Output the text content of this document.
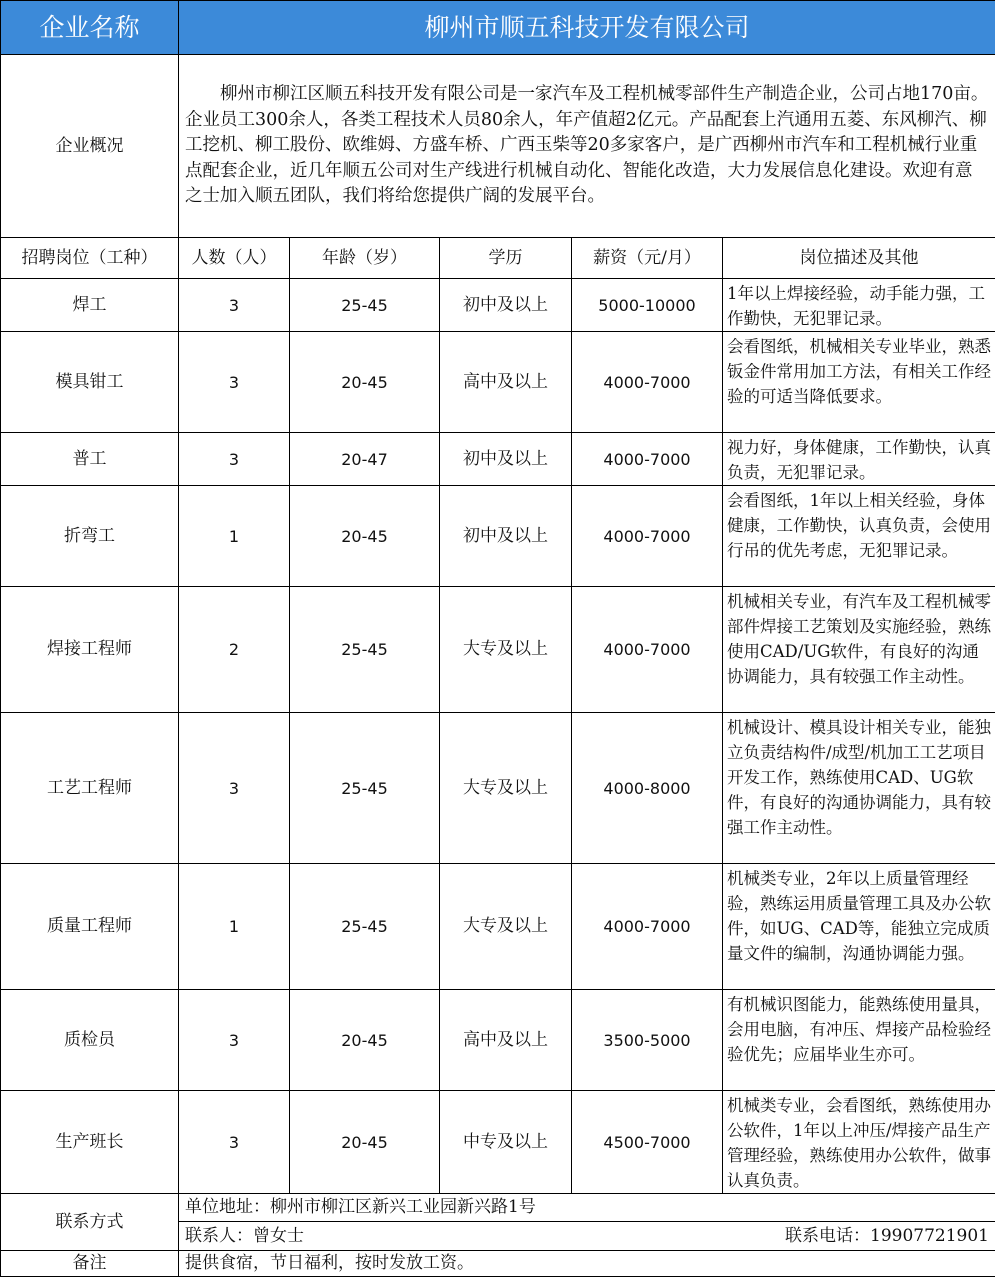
企业名称	柳州市顺五科技开发有限公司				
企业概况	柳州市柳江区顺五科技开发有限公司是一家汽车及工程机械零部件生产制造企业，公司占地170亩。企业员工300余人，各类工程技术人员80余人，年产值超2亿元。产品配套上汽通用五菱、东风柳汽、柳工挖机、柳工股份、欧维姆、方盛车桥、广西玉柴等20多家客户，是广西柳州市汽车和工程机械行业重点配套企业，近几年顺五公司对生产线进行机械自动化、智能化改造，大力发展信息化建设。欢迎有意之士加入顺五团队，我们将给您提供广阔的发展平台。				
招聘岗位（工种）	人数（人）	年龄（岁）	学历	薪资（元/月）	岗位描述及其他
焊工	3	25-45	初中及以上	5000-10000	1年以上焊接经验，动手能力强，工作勤快，无犯罪记录。
模具钳工	3	20-45	高中及以上	4000-7000	会看图纸，机械相关专业毕业，熟悉钣金件常用加工方法，有相关工作经验的可适当降低要求。
普工	3	20-47	初中及以上	4000-7000	视力好，身体健康，工作勤快，认真负责，无犯罪记录。
折弯工	1	20-45	初中及以上	4000-7000	会看图纸，1年以上相关经验，身体健康，工作勤快，认真负责，会使用行吊的优先考虑，无犯罪记录。
焊接工程师	2	25-45	大专及以上	4000-7000	机械相关专业，有汽车及工程机械零部件焊接工艺策划及实施经验，熟练使用CAD/UG软件，有良好的沟通协调能力，具有较强工作主动性。
工艺工程师	3	25-45	大专及以上	4000-8000	机械设计、模具设计相关专业，能独立负责结构件/成型/机加工工艺项目开发工作，熟练使用CAD、UG软件，有良好的沟通协调能力，具有较强工作主动性。
质量工程师	1	25-45	大专及以上	4000-7000	机械类专业，2年以上质量管理经验，熟练运用质量管理工具及办公软件，如UG、CAD等，能独立完成质量文件的编制，沟通协调能力强。
质检员	3	20-45	高中及以上	3500-5000	有机械识图能力，能熟练使用量具，会用电脑，有冲压、焊接产品检验经验优先；应届毕业生亦可。
生产班长	3	20-45	中专及以上	4500-7000	机械类专业，会看图纸，熟练使用办公软件，1年以上冲压/焊接产品生产管理经验，熟练使用办公软件，做事认真负责。
联系方式	单位地址：柳州市柳江区新兴工业园新兴路1号				

	联系人：曾女士 联系电话：19907721901				

备注	提供食宿，节日福利，按时发放工资。				
